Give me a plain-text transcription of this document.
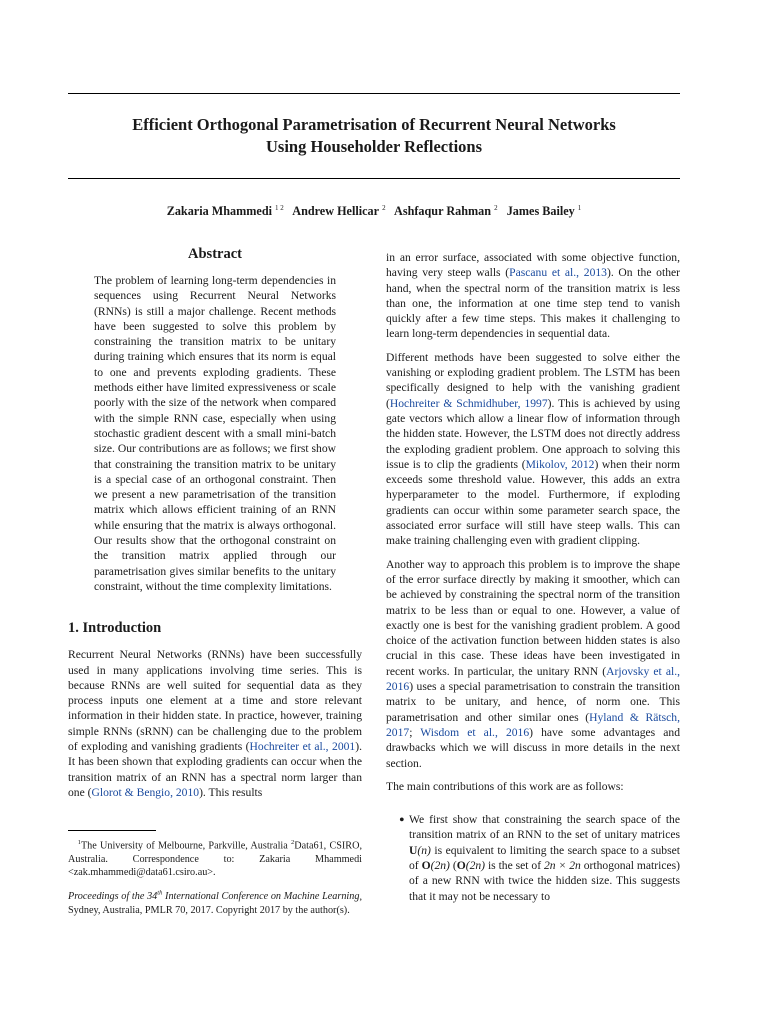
Efficient Orthogonal Parametrisation of Recurrent Neural Networks
Using Householder Reflections
Zakaria Mhammedi $^{1 2}$ Andrew Hellicar $^2$ Ashfaqur Rahman $^2$ James Bailey $^1$
Abstract

The problem of learning long-term dependencies in sequences using Recurrent Neural Networks (RNNs) is still a major challenge. Recent methods have been suggested to solve this problem by constraining the transition matrix to be unitary during training which ensures that its norm is equal to one and prevents exploding gradients. These methods either have limited expressiveness or scale poorly with the size of the network when compared with the simple RNN case, especially when using stochastic gradient descent with a small mini-batch size. Our contributions are as follows; we first show that constraining the transition matrix to be unitary is a special case of an orthogonal constraint. Then we present a new parametrisation of the transition matrix which allows efficient training of an RNN while ensuring that the matrix is always orthogonal. Our results show that the orthogonal constraint on the transition matrix applied through our parametrisation gives similar benefits to the unitary constraint, without the time complexity limitations.

1. Introduction

Recurrent Neural Networks (RNNs) have been successfully used in many applications involving time series. This is because RNNs are well suited for sequential data as they process inputs one element at a time and store relevant information in their hidden state. In practice, however, training simple RNNs (sRNN) can be challenging due to the problem of exploding and vanishing gradients (Hochreiter et al., 2001). It has been shown that exploding gradients can occur when the transition matrix of an RNN has a spectral norm larger than one (Glorot & Bengio, 2010). This results

$^1$The University of Melbourne, Parkville, Australia $^2$Data61, CSIRO, Australia. Correspondence to: Zakaria Mhammedi <zak.mhammedi@data61.csiro.au>.

Proceedings of the 34th International Conference on Machine Learning, Sydney, Australia, PMLR 70, 2017. Copyright 2017 by the author(s).

in an error surface, associated with some objective function, having very steep walls (Pascanu et al., 2013). On the other hand, when the spectral norm of the transition matrix is less than one, the information at one time step tend to vanish quickly after a few time steps. This makes it challenging to learn long-term dependencies in sequential data.

Different methods have been suggested to solve either the vanishing or exploding gradient problem. The LSTM has been specifically designed to help with the vanishing gradient (Hochreiter & Schmidhuber, 1997). This is achieved by using gate vectors which allow a linear flow of information through the hidden state. However, the LSTM does not directly address the exploding gradient problem. One approach to solving this issue is to clip the gradients (Mikolov, 2012) when their norm exceeds some threshold value. However, this adds an extra hyperparameter to the model. Furthermore, if exploding gradients can occur within some parameter search space, the associated error surface will still have steep walls. This can make training challenging even with gradient clipping.

Another way to approach this problem is to improve the shape of the error surface directly by making it smoother, which can be achieved by constraining the spectral norm of the transition matrix to be less than or equal to one. However, a value of exactly one is best for the vanishing gradient problem. A good choice of the activation function between hidden states is also crucial in this case. These ideas have been investigated in recent works. In particular, the unitary RNN (Arjovsky et al., 2016) uses a special parametrisation to constrain the transition matrix to be unitary, and hence, of norm one. This parametrisation and other similar ones (Hyland & Rätsch, 2017; Wisdom et al., 2016) have some advantages and drawbacks which we will discuss in more details in the next section.

The main contributions of this work are as follows:

• We first show that constraining the search space of the transition matrix of an RNN to the set of unitary matrices U(n) is equivalent to limiting the search space to a subset of O(2n) (O(2n) is the set of 2n × 2n orthogonal matrices) of a new RNN with twice the hidden size. This suggests that it may not be necessary to
